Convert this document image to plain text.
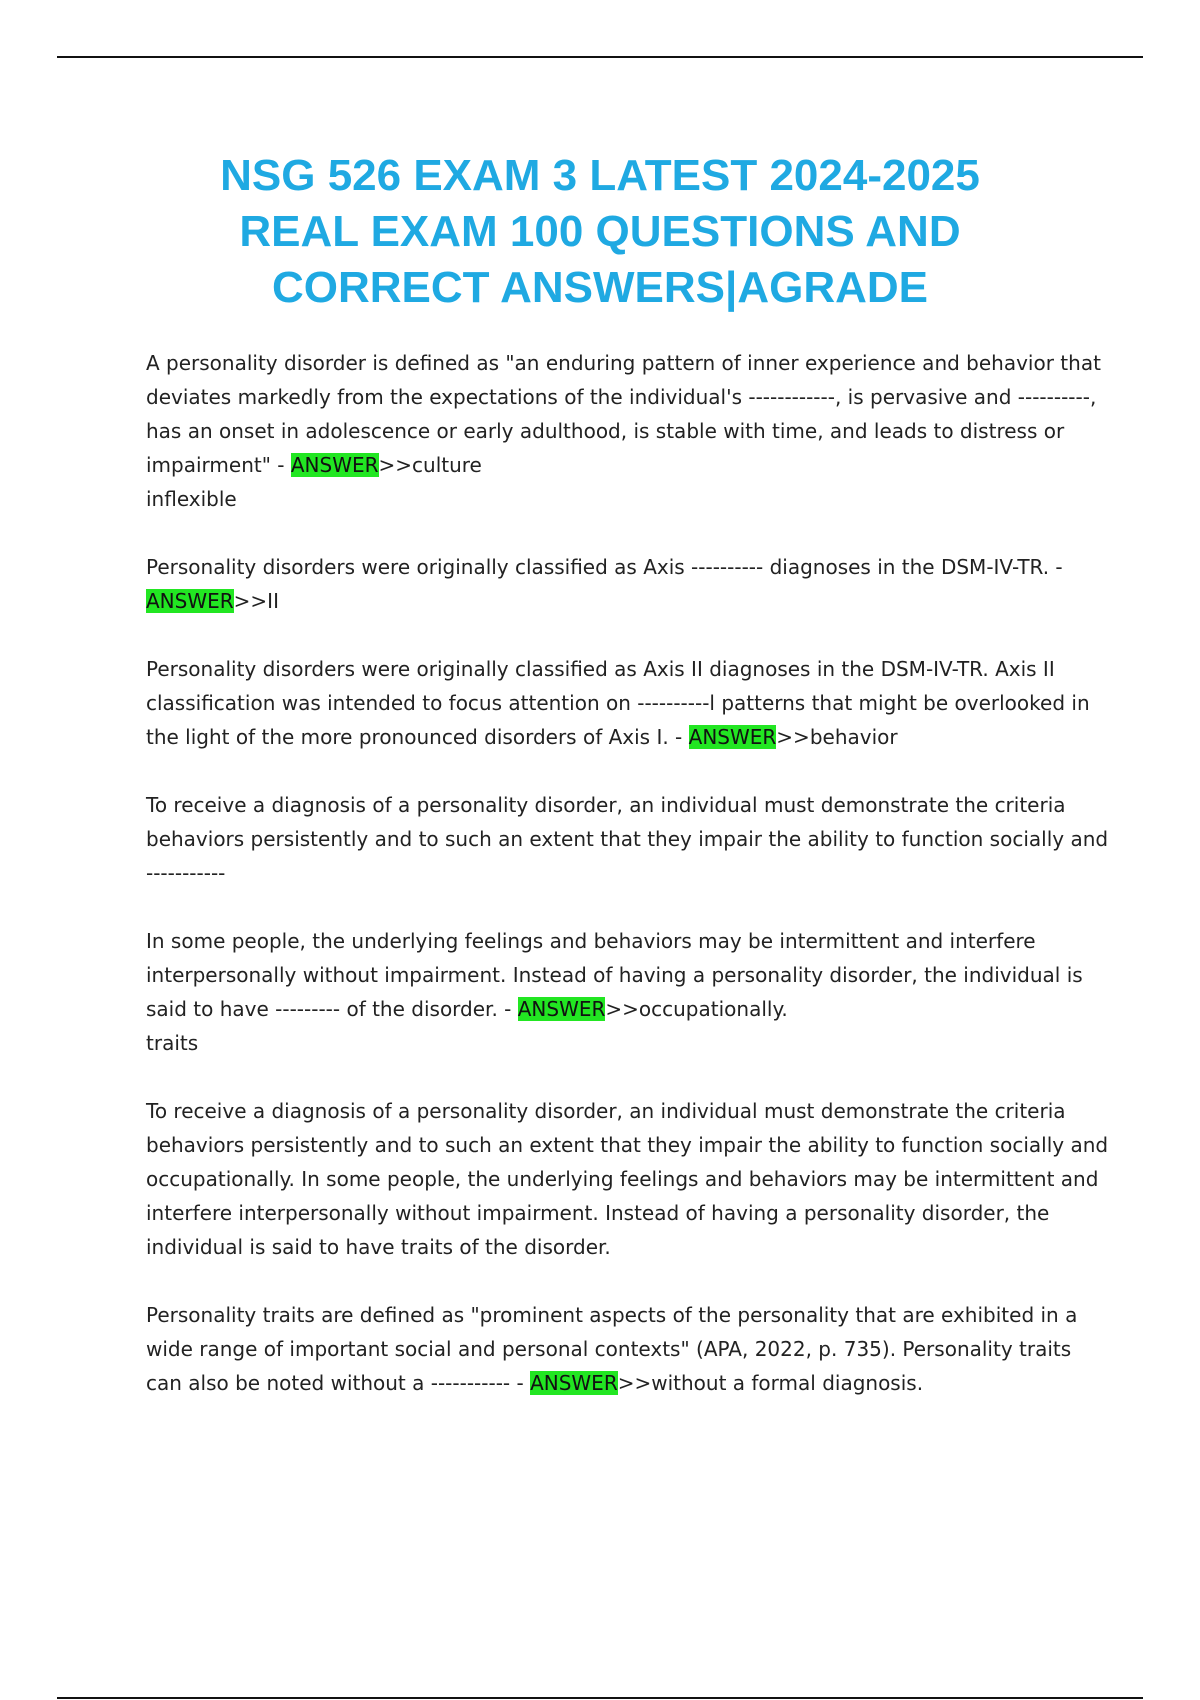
NSG 526 EXAM 3 LATEST 2024-2025
REAL EXAM 100 QUESTIONS AND
CORRECT ANSWERS|AGRADE
A personality disorder is defined as "an enduring pattern of inner experience and behavior that
deviates markedly from the expectations of the individual's ------------, is pervasive and ----------,
has an onset in adolescence or early adulthood, is stable with time, and leads to distress or
impairment" - ANSWER>>culture
inflexible
Personality disorders were originally classified as Axis ---------- diagnoses in the DSM-IV-TR. -
ANSWER>>II
Personality disorders were originally classified as Axis II diagnoses in the DSM-IV-TR. Axis II
classification was intended to focus attention on ----------l patterns that might be overlooked in
the light of the more pronounced disorders of Axis I. - ANSWER>>behavior
To receive a diagnosis of a personality disorder, an individual must demonstrate the criteria
behaviors persistently and to such an extent that they impair the ability to function socially and
-----------
In some people, the underlying feelings and behaviors may be intermittent and interfere
interpersonally without impairment. Instead of having a personality disorder, the individual is
said to have --------- of the disorder. - ANSWER>>occupationally.
traits
To receive a diagnosis of a personality disorder, an individual must demonstrate the criteria
behaviors persistently and to such an extent that they impair the ability to function socially and
occupationally. In some people, the underlying feelings and behaviors may be intermittent and
interfere interpersonally without impairment. Instead of having a personality disorder, the
individual is said to have traits of the disorder.
Personality traits are defined as "prominent aspects of the personality that are exhibited in a
wide range of important social and personal contexts" (APA, 2022, p. 735). Personality traits
can also be noted without a ----------- - ANSWER>>without a formal diagnosis.
